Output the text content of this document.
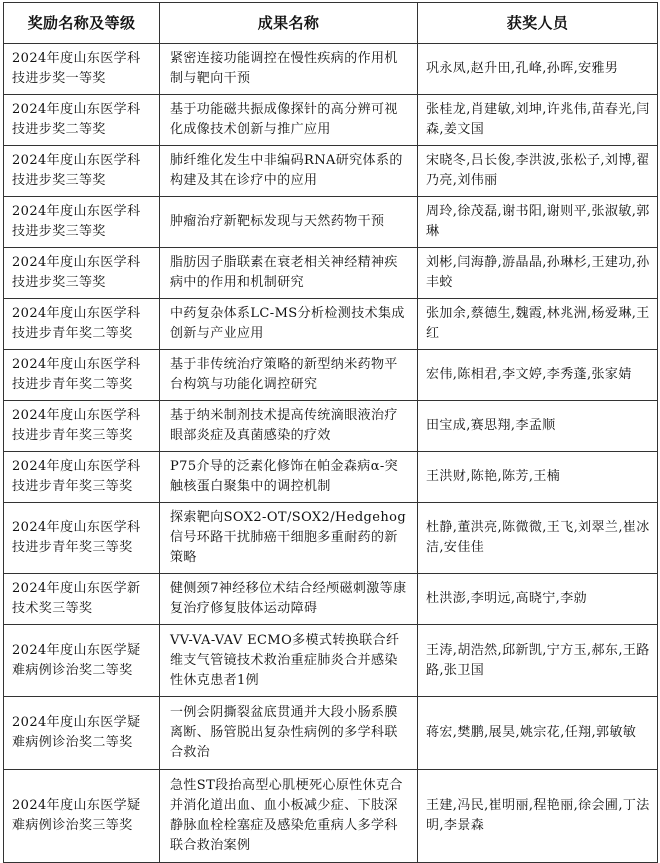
奖励名称及等级	成果名称	获奖人员
2024年度山东医学科技进步奖一等奖	紧密连接功能调控在慢性疾病的作用机制与靶向干预	巩永凤,赵升田,孔峰,孙晖,安雅男
2024年度山东医学科技进步奖二等奖	基于功能磁共振成像探针的高分辨可视化成像技术创新与推广应用	张桂龙,肖建敏,刘坤,许兆伟,苗春光,闫森,姜文国
2024年度山东医学科技进步奖三等奖	肺纤维化发生中非编码RNA研究体系的构建及其在诊疗中的应用	宋晓冬,吕长俊,李洪波,张松子,刘博,翟乃亮,刘伟丽
2024年度山东医学科技进步奖三等奖	肿瘤治疗新靶标发现与天然药物干预	周玲,徐茂磊,谢书阳,谢则平,张淑敏,郭琳
2024年度山东医学科技进步奖三等奖	脂肪因子脂联素在衰老相关神经精神疾病中的作用和机制研究	刘彬,闫海静,游晶晶,孙琳杉,王建功,孙丰蛟
2024年度山东医学科技进步青年奖二等奖	中药复杂体系LC-MS分析检测技术集成创新与产业应用	张加余,蔡德生,魏霞,林兆洲,杨爱琳,王红
2024年度山东医学科技进步青年奖二等奖	基于非传统治疗策略的新型纳米药物平台构筑与功能化调控研究	宏伟,陈相君,李文婷,李秀蓬,张家婧
2024年度山东医学科技进步青年奖三等奖	基于纳米制剂技术提高传统滴眼液治疗眼部炎症及真菌感染的疗效	田宝成,赛思翔,李孟顺
2024年度山东医学科技进步青年奖三等奖	P75介导的泛素化修饰在帕金森病α-突触核蛋白聚集中的调控机制	王洪财,陈艳,陈芳,王楠
2024年度山东医学科技进步青年奖三等奖	探索靶向SOX2-OT/SOX2/Hedgehog信号环路干扰肺癌干细胞多重耐药的新策略	杜静,董洪亮,陈微微,王飞,刘翠兰,崔冰洁,安佳佳
2024年度山东医学新技术奖三等奖	健侧颈7神经移位术结合经颅磁刺激等康复治疗修复肢体运动障碍	杜洪澎,李明远,高晓宁,李勍
2024年度山东医学疑难病例诊治奖二等奖	VV-VA-VAV ECMO多模式转换联合纤维支气管镜技术救治重症肺炎合并感染性休克患者1例	王涛,胡浩然,邱新凯,宁方玉,郝东,王路路,张卫国
2024年度山东医学疑难病例诊治奖二等奖	一例会阴撕裂盆底贯通并大段小肠系膜离断、肠管脱出复杂性病例的多学科联合救治	蒋宏,樊鹏,展昊,姚宗花,任翔,郭敏敏
2024年度山东医学疑难病例诊治奖三等奖	急性ST段抬高型心肌梗死心原性休克合并消化道出血、血小板减少症、下肢深静脉血栓栓塞症及感染危重病人多学科联合救治案例	王建,冯民,崔明丽,程艳丽,徐会圃,丁法明,李景森
